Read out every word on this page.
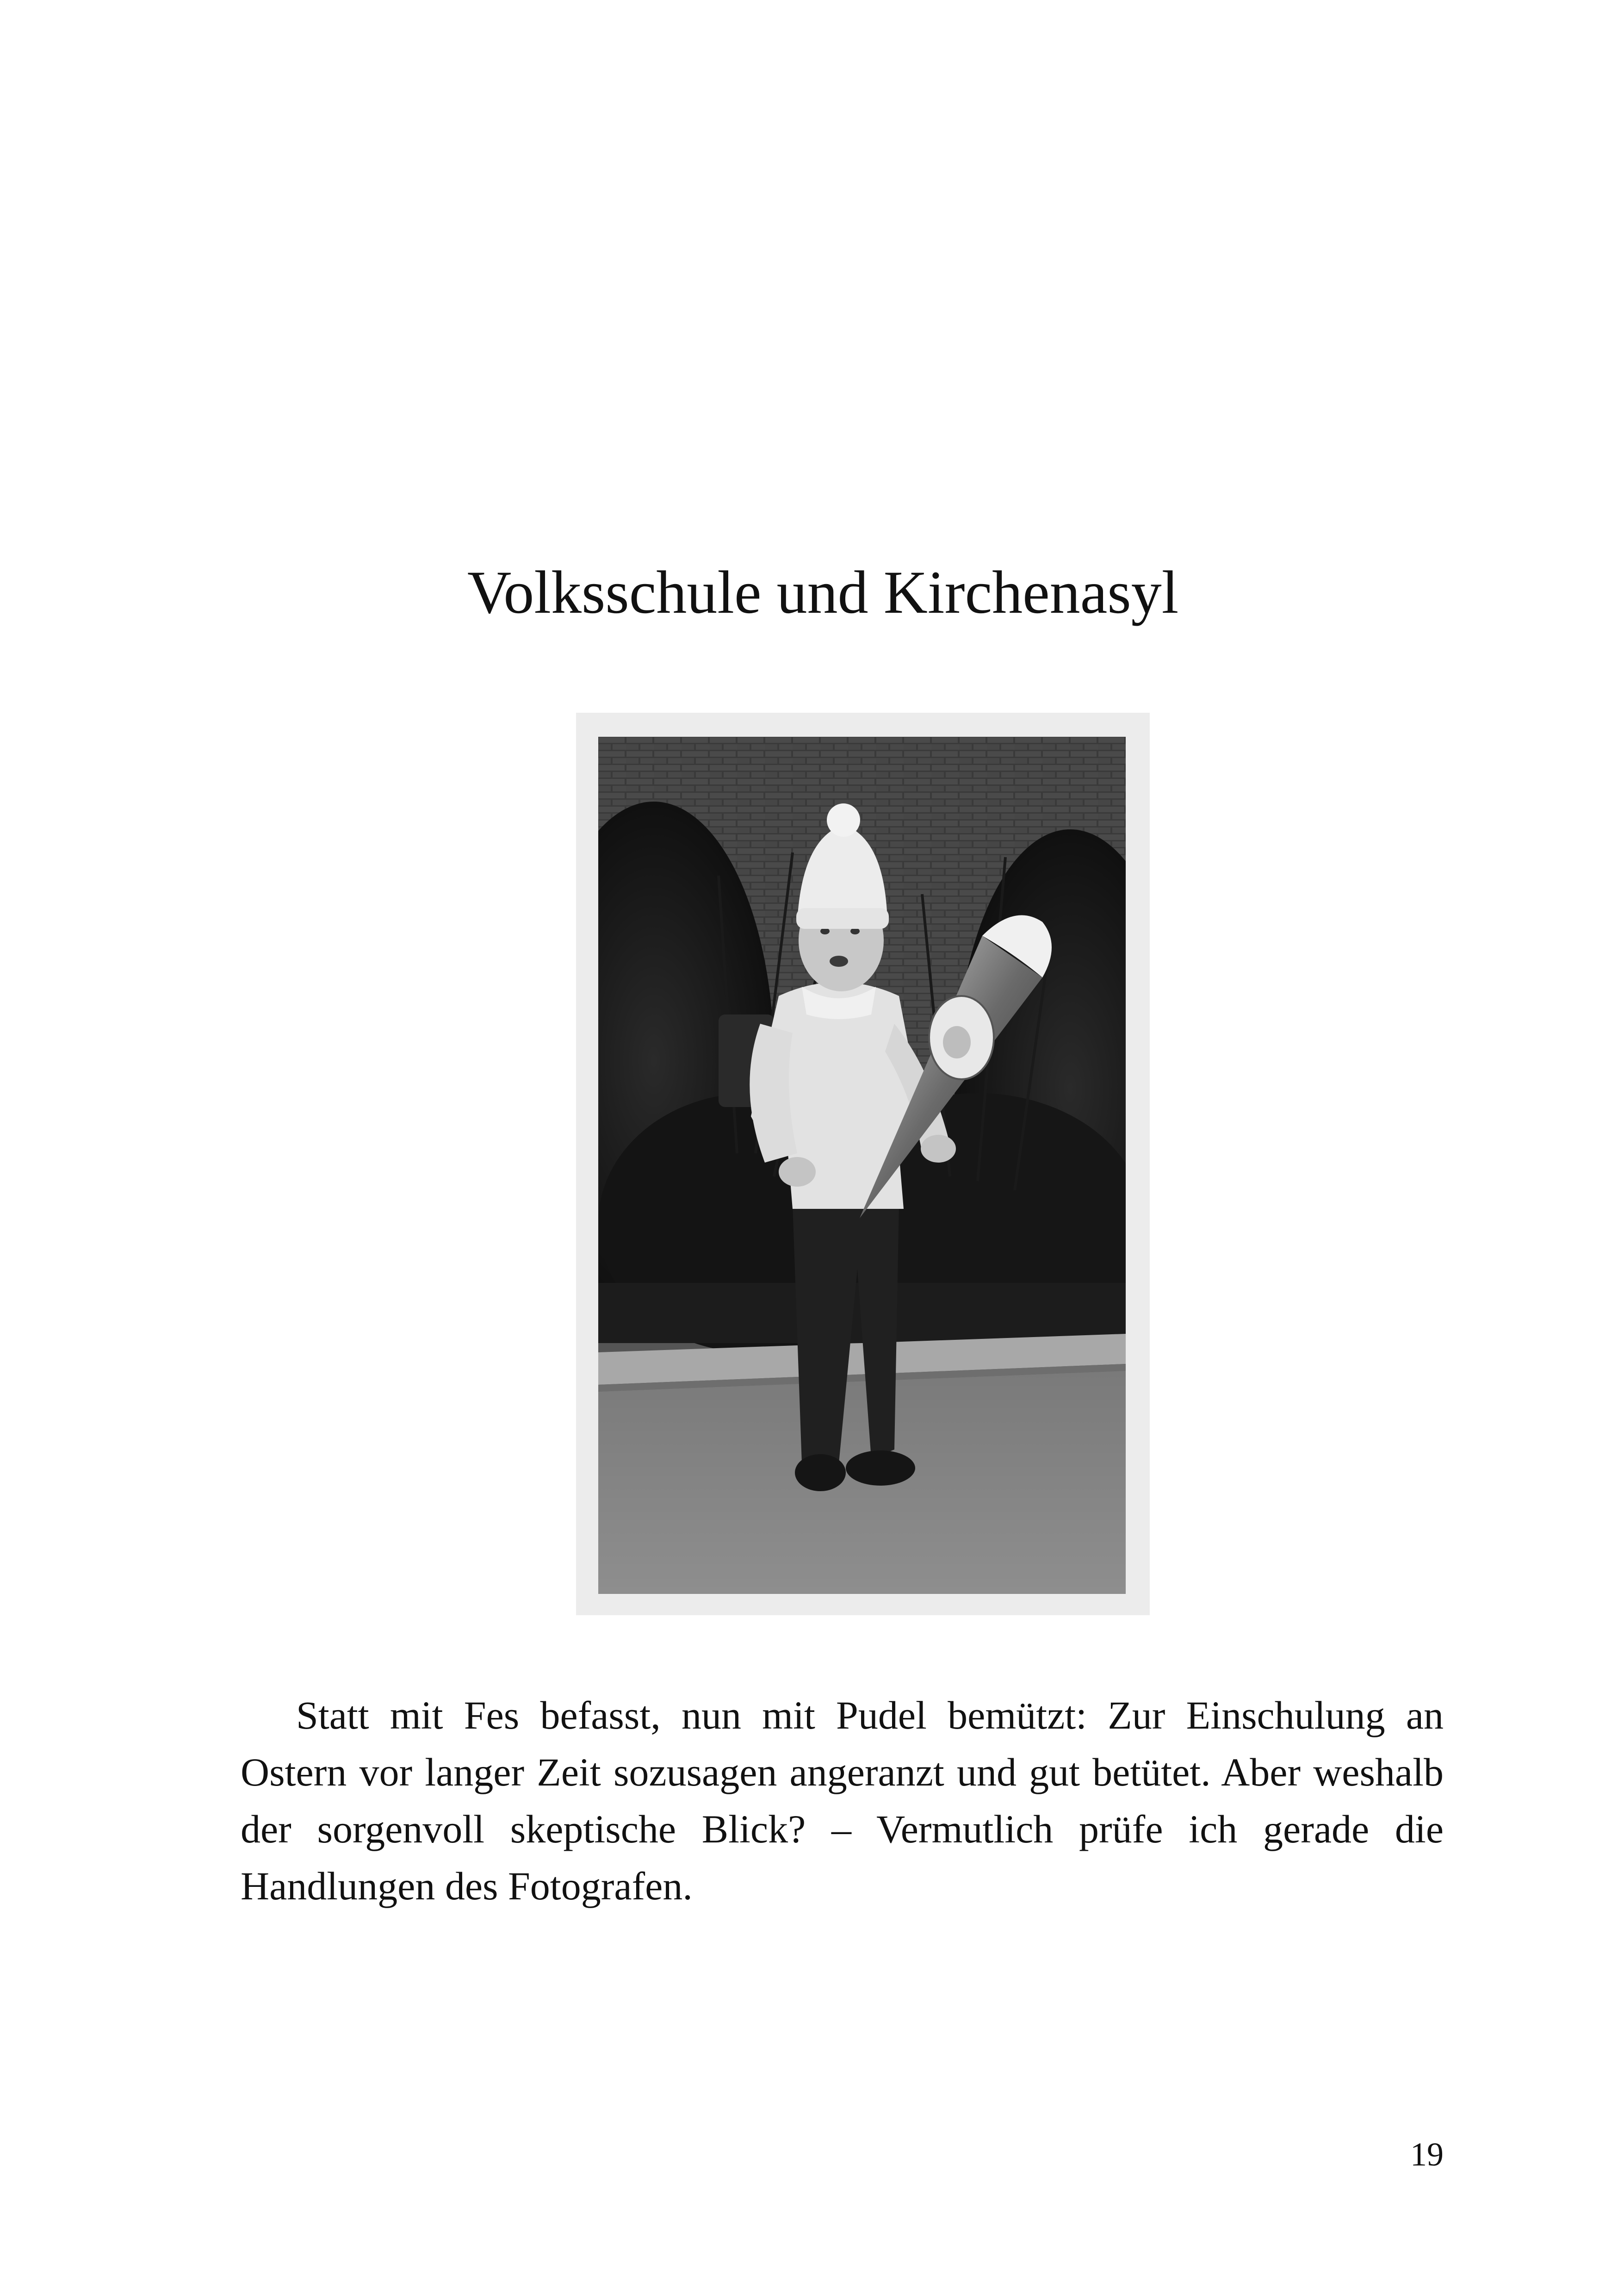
Volksschule und Kirchenasyl

Statt mit Fes befasst, nun mit Pudel bemützt: Zur Einschulung an Ostern vor langer Zeit sozusagen angeranzt und gut betütet. Aber weshalb der sorgenvoll skeptische Blick? – Vermutlich prüfe ich gerade die Handlungen des Fotografen.

19
